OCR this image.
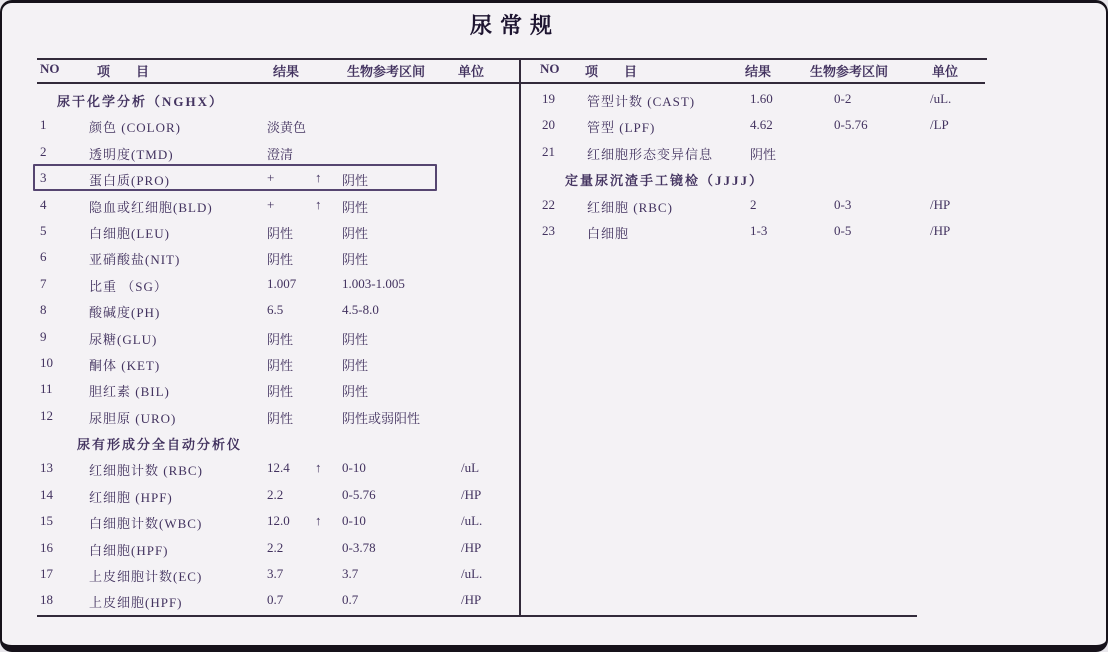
尿常规
NO	项　　目	结果	生物参考区间	单位	NO 项　　目	结果	生物参考区间	单位
尿干化学分析（NGHX）
1	颜色 (COLOR)	淡黄色
2	透明度(TMD)	澄清
3	蛋白质(PRO)	+	↑ 阴性
4	隐血或红细胞(BLD)	+	↑ 阴性
5	白细胞(LEU)	阴性	阴性
6	亚硝酸盐(NIT)	阴性	阴性
7	比重 （SG）	1.007	1.003-1.005
8	酸碱度(PH)	6.5	4.5-8.0
9	尿糖(GLU)	阴性	阴性
10	酮体 (KET)	阴性	阴性
11	胆红素 (BIL)	阴性	阴性
12	尿胆原 (URO)	阴性	阴性或弱阳性
尿有形成分全自动分析仪
13	红细胞计数 (RBC)	12.4 ↑ 0-10	/uL
14	红细胞 (HPF)	2.2	0-5.76	/HP
15	白细胞计数(WBC)	12.0 ↑ 0-10	/uL.
16	白细胞(HPF)	2.2	0-3.78	/HP
17	上皮细胞计数(EC)	3.7	3.7	/uL.
18	上皮细胞(HPF)	0.7	0.7	/HP
19 管型计数 (CAST)	1.60	0-2	/uL.
20 管型 (LPF)	4.62	0-5.76	/LP
21 红细胞形态变异信息	阴性
定量尿沉渣手工镜检（JJJJ）
22 红细胞 (RBC)	2	0-3	/HP
23 白细胞	1-3	0-5	/HP
